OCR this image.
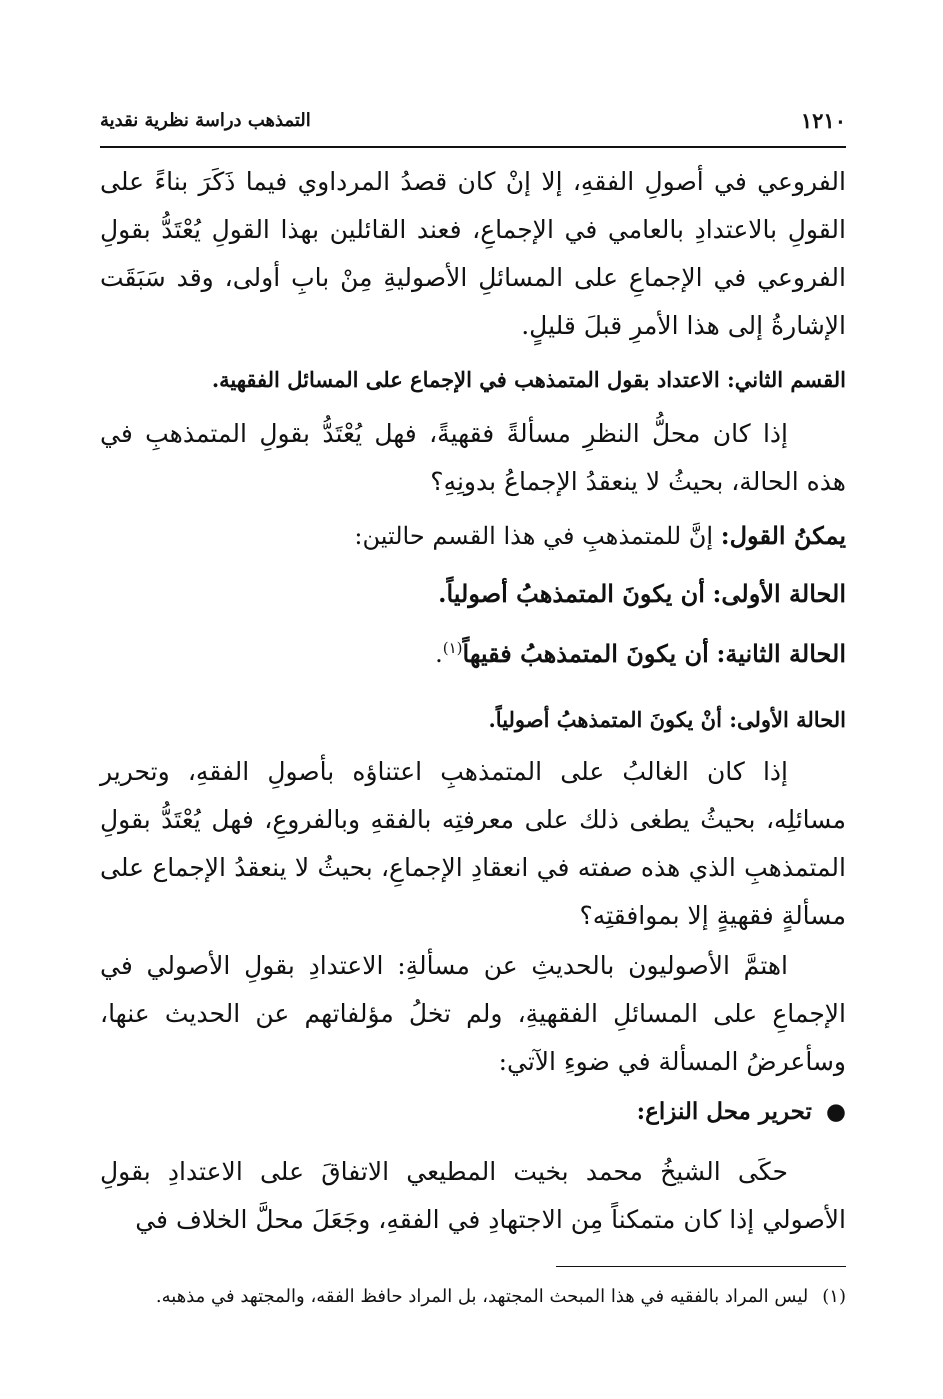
١٢١٠
التمذهب دراسة نظرية نقدية

الفروعي في أصولِ الفقهِ، إلا إنْ كان قصدُ المرداوي فيما ذَكَرَ بناءً على القولِ بالاعتدادِ بالعامي في الإجماعِ، فعند القائلين بهذا القولِ يُعْتَدُّ بقولِ الفروعي في الإجماعِ على المسائلِ الأصوليةِ مِنْ بابِ أولى، وقد سَبَقَت الإشارةُ إلى هذا الأمرِ قبلَ قليلٍ.

القسم الثاني: الاعتداد بقول المتمذهب في الإجماع على المسائل الفقهية.

إذا كان محلُّ النظرِ مسألةً فقهيةً، فهل يُعْتَدُّ بقولِ المتمذهبِ في هذه الحالة، بحيثُ لا ينعقدُ الإجماعُ بدونِهِ؟

يمكنُ القول: إنَّ للمتمذهبِ في هذا القسم حالتين:
الحالة الأولى: أن يكونَ المتمذهبُ أصولياً.
الحالة الثانية: أن يكونَ المتمذهبُ فقيهاً$^{(١)}$.
الحالة الأولى: أنْ يكونَ المتمذهبُ أصولياً.

إذا كان الغالبُ على المتمذهبِ اعتناؤه بأصولِ الفقهِ، وتحرير مسائلِه، بحيثُ يطغى ذلك على معرفتِه بالفقهِ وبالفروعِ، فهل يُعْتَدُّ بقولِ المتمذهبِ الذي هذه صفته في انعقادِ الإجماعِ، بحيثُ لا ينعقدُ الإجماع على مسألةٍ فقهيةٍ إلا بموافقتِه؟

اهتمَّ الأصوليون بالحديثِ عن مسألةِ: الاعتدادِ بقولِ الأصولي في الإجماعِ على المسائلِ الفقهيةِ، ولم تخلُ مؤلفاتهم عن الحديث عنها، وسأعرضُ المسألة في ضوءِ الآتي:

●تحرير محل النزاع:

حكَى الشيخُ محمد بخيت المطيعي الاتفاقَ على الاعتدادِ بقولِ الأصولي إذا كان متمكناً مِن الاجتهادِ في الفقهِ، وجَعَلَ محلَّ الخلاف في

(١)ليس المراد بالفقيه في هذا المبحث المجتهد، بل المراد حافظ الفقه، والمجتهد في مذهبه.
